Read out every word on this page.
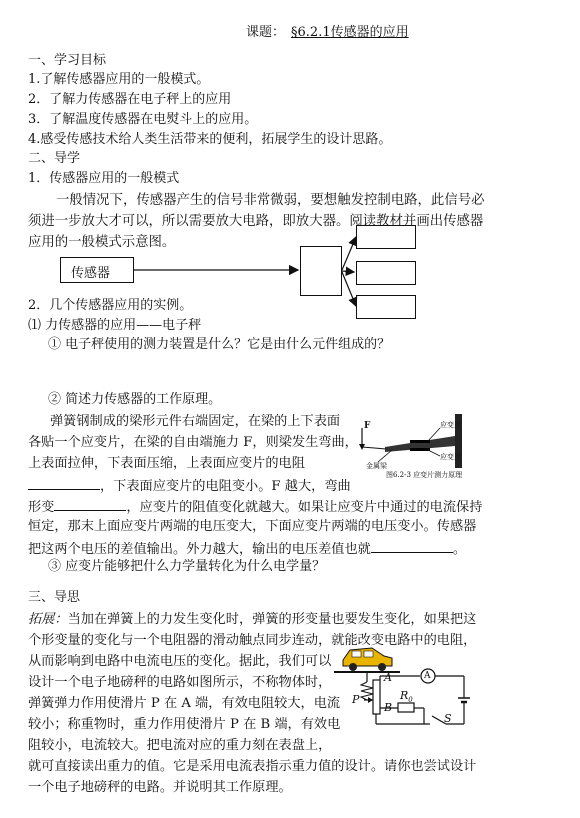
课题： §6.2.1传感器的应用
一、学习目标
1.了解传感器应用的一般模式。
2．了解力传感器在电子秤上的应用
3．了解温度传感器在电熨斗上的应用。
4.感受传感技术给人类生活带来的便利，拓展学生的设计思路。
二、导学
1．传感器应用的一般模式
一般情况下，传感器产生的信号非常微弱，要想触发控制电路，此信号必
须进一步放大才可以，所以需要放大电路，即放大器。阅读教材并画出传感器
应用的一般模式示意图。
传感器
2．几个传感器应用的实例。
⑴ 力传感器的应用——电子秤
① 电子秤使用的测力装置是什么？它是由什么元件组成的？
② 简述力传感器的工作原理。
弹簧钢制成的梁形元件右端固定，在梁的上下表面
各贴一个应变片，在梁的自由端施力 F，则梁发生弯曲，
上表面拉伸，下表面压缩，上表面应变片的电阻
，下表面应变片的电阻变小。F 越大，弯曲
形变	，应变片的阻值变化就越大。如果让应变片中通过的电流保持
恒定，那末上面应变片两端的电压变大，下面应变片两端的电压变小。传感器
把这两个电压的差值输出。外力越大，输出的电压差值也就	。
③ 应变片能够把什么力学量转化为什么电学量？
F	应变片
应变片
金属梁
图6.2-3 应变片测力原理
三、导思
拓展：当加在弹簧上的力发生变化时，弹簧的形变量也要发生变化，如果把这
个形变量的变化与一个电阻器的滑动触点同步连动，就能改变电路中的电阻，
从而影响到电路中电流电压的变化。据此，我们可以
设计一个电子地磅秤的电路如图所示，不称物体时，
弹簧弹力作用使滑片 P 在 A 端，有效电阻较大，电流
较小；称重物时，重力作用使滑片 P 在 B 端，有效电
阻较小，电流较大。把电流对应的重力刻在表盘上，
就可直接读出重力的值。它是采用电流表指示重力值的设计。请你也尝试设计
一个电子地磅秤的电路。并说明其工作原理。
A
B
P	$R_0$
A
S
